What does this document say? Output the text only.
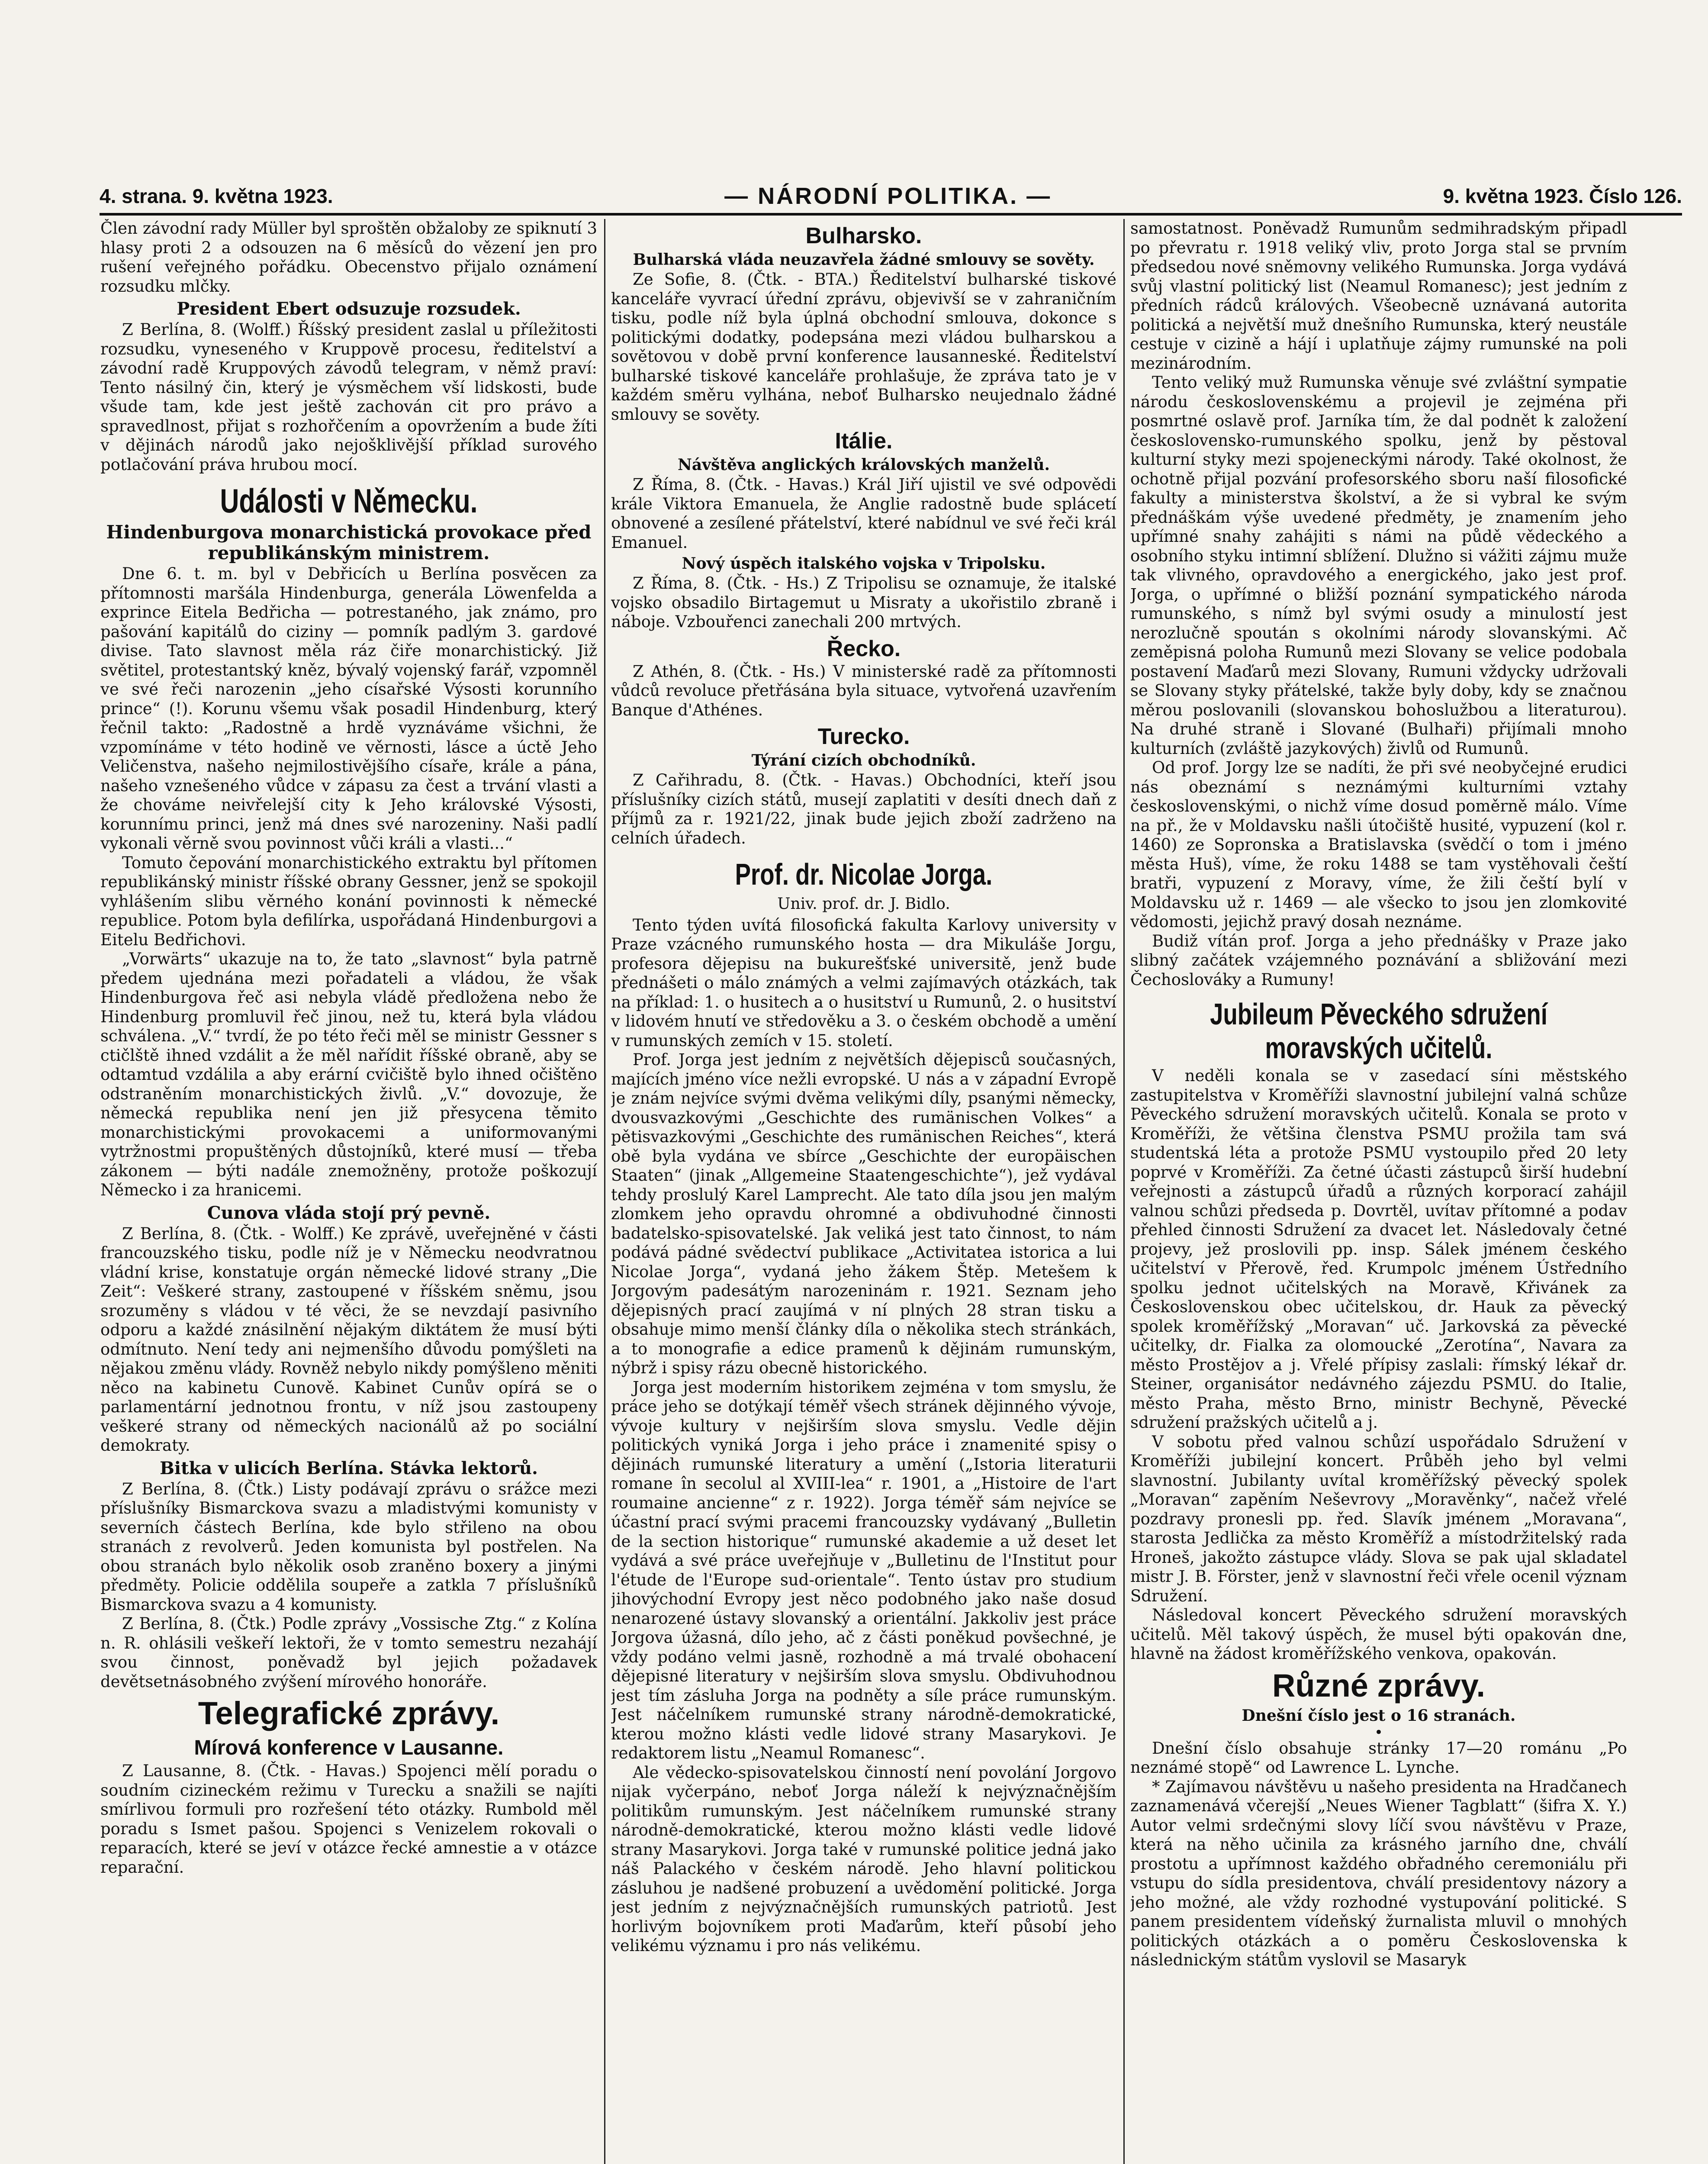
4. strana. 9. května 1923.	— NÁRODNÍ POLITIKA. —	9. května 1923. Číslo 126.

Člen závodní rady Müller byl sproštěn obžaloby ze spiknutí 3 hlasy proti 2 a odsouzen na 6 měsíců do vězení jen pro rušení veřejného pořádku. Obecenstvo přijalo oznámení rozsudku mlčky.

President Ebert odsuzuje rozsudek.

Z Berlína, 8. (Wolff.) Říšský president zaslal u příležitosti rozsudku, vyneseného v Kruppově procesu, ředitelství a závodní radě Kruppových závodů telegram, v němž praví: Tento násilný čin, který je výsměchem vší lidskosti, bude všude tam, kde jest ještě zachován cit pro právo a spravedlnost, přijat s rozhořčením a opovržením a bude žíti v dějinách národů jako nejošklivější příklad surového potlačování práva hrubou mocí.

Události v Německu.
Hindenburgova monarchistická provokace před republikánským ministrem.

Dne 6. t. m. byl v Debřicích u Berlína posvěcen za přítomnosti maršála Hindenburga, generála Löwenfelda a exprince Eitela Bedřicha — potrestaného, jak známo, pro pašování kapitálů do ciziny — pomník padlým 3. gardové divise. Tato slavnost měla ráz čiře monarchistický. Již světitel, protestantský kněz, bývalý vojenský farář, vzpomněl ve své řeči narozenin „jeho císařské Výsosti korunního prince“ (!). Korunu všemu však posadil Hindenburg, který řečnil takto: „Radostně a hrdě vyznáváme všichni, že vzpomínáme v této hodině ve věrnosti, lásce a úctě Jeho Veličenstva, našeho nejmilostivějšího císaře, krále a pána, našeho vznešeného vůdce v zápasu za čest a trvání vlasti a že chováme neivřelejší city k Jeho královské Výsosti, korunnímu princi, jenž má dnes své narozeniny. Naši padlí vykonali věrně svou povinnost vůči králi a vlasti...“

Tomuto čepování monarchistického extraktu byl přítomen republikánský ministr říšské obrany Gessner, jenž se spokojil vyhlášením slibu věrného konání povinnosti k německé republice. Potom byla defilírka, uspořádaná Hindenburgovi a Eitelu Bedřichovi.

„Vorwärts“ ukazuje na to, že tato „slavnost“ byla patrně předem ujednána mezi pořadateli a vládou, že však Hindenburgova řeč asi nebyla vládě předložena nebo že Hindenburg promluvil řeč jinou, než tu, která byla vládou schválena. „V.“ tvrdí, že po této řeči měl se ministr Gessner s ctičlště ihned vzdálit a že měl nařídit říšské obraně, aby se odtamtud vzdálila a aby erární cvičiště bylo ihned očištěno odstraněním monarchistických živlů. „V.“ dovozuje, že německá republika není jen již přesycena těmito monarchistickými provokacemi a uniformovanými vytržnostmi propuštěných důstojníků, které musí — třeba zákonem — býti nadále znemožněny, protože poškozují Německo i za hranicemi.

Cunova vláda stojí prý pevně.

Z Berlína, 8. (Čtk. - Wolff.) Ke zprávě, uveřejněné v části francouzského tisku, podle níž je v Německu neodvratnou vládní krise, konstatuje orgán německé lidové strany „Die Zeit“: Veškeré strany, zastoupené v říšském sněmu, jsou srozuměny s vládou v té věci, že se nevzdají pasivního odporu a každé znásilnění nějakým diktátem že musí býti odmítnuto. Není tedy ani nejmenšího důvodu pomýšleti na nějakou změnu vlády. Rovněž nebylo nikdy pomýšleno měniti něco na kabinetu Cunově. Kabinet Cunův opírá se o parlamentární jednotnou frontu, v níž jsou zastoupeny veškeré strany od německých nacionálů až po sociální demokraty.

Bitka v ulicích Berlína. Stávka lektorů.

Z Berlína, 8. (Čtk.) Listy podávají zprávu o srážce mezi příslušníky Bismarckova svazu a mladistvými komunisty v severních částech Berlína, kde bylo střileno na obou stranách z revolverů. Jeden komunista byl postřelen. Na obou stranách bylo několik osob zraněno boxery a jinými předměty. Policie oddělila soupeře a zatkla 7 příslušníků Bismarckova svazu a 4 komunisty.

Z Berlína, 8. (Čtk.) Podle zprávy „Vossische Ztg.“ z Kolína n. R. ohlásili veškeří lektoři, že v tomto semestru nezahájí svou činnost, poněvadž byl jejich požadavek devětsetnásobného zvýšení mírového honoráře.

Telegrafické zprávy.
Mírová konference v Lausanne.

Z Lausanne, 8. (Čtk. - Havas.) Spojenci mělí poradu o soudním cizineckém režimu v Turecku a snažili se najíti smírlivou formuli pro rozřešení této otázky. Rumbold měl poradu s Ismet pašou. Spojenci s Venizelem rokovali o reparacích, které se jeví v otázce řecké amnestie a v otázce reparační.

Bulharsko.
Bulharská vláda neuzavřela žádné smlouvy se sověty.

Ze Sofie, 8. (Čtk. - BTA.) Ředitelství bulharské tiskové kanceláře vyvrací úřední zprávu, objevivší se v zahraničním tisku, podle níž byla úplná obchodní smlouva, dokonce s politickými dodatky, podepsána mezi vládou bulharskou a sovětovou v době první konference lausanneské. Ředitelství bulharské tiskové kanceláře prohlašuje, že zpráva tato je v každém směru vylhána, neboť Bulharsko neujednalo žádné smlouvy se sověty.

Itálie.
Návštěva anglických královských manželů.

Z Říma, 8. (Čtk. - Havas.) Král Jiří ujistil ve své odpovědi krále Viktora Emanuela, že Anglie radostně bude splácetí obnovené a zesílené přátelství, které nabídnul ve své řeči král Emanuel.

Nový úspěch italského vojska v Tripolsku.

Z Říma, 8. (Čtk. - Hs.) Z Tripolisu se oznamuje, že italské vojsko obsadilo Birtagemut u Misraty a ukořistilo zbraně i náboje. Vzbouřenci zanechali 200 mrtvých.

Řecko.

Z Athén, 8. (Čtk. - Hs.) V ministerské radě za přítomnosti vůdců revoluce přetřásána byla situace, vytvořená uzavřením Banque d'Athénes.

Turecko.
Týrání cizích obchodníků.

Z Cařihradu, 8. (Čtk. - Havas.) Obchodníci, kteří jsou příslušníky cizích států, musejí zaplatiti v desíti dnech daň z příjmů za r. 1921/22, jinak bude jejich zboží zadrženo na celních úřadech.

Prof. dr. Nicolae Jorga.
Univ. prof. dr. J. Bidlo.

Tento týden uvítá filosofická fakulta Karlovy university v Praze vzácného rumunského hosta — dra Mikuláše Jorgu, profesora dějepisu na bukurešťské universitě, jenž bude přednášeti o málo známých a velmi zajímavých otázkách, tak na příklad: 1. o husitech a o husitství u Rumunů, 2. o husitství v lidovém hnutí ve středověku a 3. o českém obchodě a umění v rumunských zemích v 15. století.

Prof. Jorga jest jedním z největších dějepisců současných, majících jméno více nežli evropské. U nás a v západní Evropě je znám nejvíce svými dvěma velikými díly, psanými německy, dvousvazkovými „Geschichte des rumänischen Volkes“ a pětisvazkovými „Geschichte des rumänischen Reiches“, která obě byla vydána ve sbírce „Geschichte der europäischen Staaten“ (jinak „Allgemeine Staatengeschichte“), jež vydával tehdy proslulý Karel Lamprecht. Ale tato díla jsou jen malým zlomkem jeho opravdu ohromné a obdivuhodné činnosti badatelsko-spisovatelské. Jak veliká jest tato činnost, to nám podává pádné svědectví publikace „Activitatea istorica a lui Nicolae Jorga“, vydaná jeho žákem Štěp. Metešem k Jorgovým padesátým narozeninám r. 1921. Seznam jeho dějepisných prací zaujímá v ní plných 28 stran tisku a obsahuje mimo menší články díla o několika stech stránkách, a to monografie a edice pramenů k dějinám rumunským, nýbrž i spisy rázu obecně historického.

Jorga jest moderním historikem zejména v tom smyslu, že práce jeho se dotýkají téměř všech stránek dějinného vývoje, vývoje kultury v nejširším slova smyslu. Vedle dějin politických vyniká Jorga i jeho práce i znamenité spisy o dějinách rumunské literatury a umění („Istoria literaturii romane în secolul al XVIII-lea“ r. 1901, a „Histoire de l'art roumaine ancienne“ z r. 1922). Jorga téměř sám nejvíce se účastní prací svými pracemi francouzsky vydávaný „Bulletin de la section historique“ rumunské akademie a už deset let vydává a své práce uveřejňuje v „Bulletinu de l'Institut pour l'étude de l'Europe sud-orientale“. Tento ústav pro studium jihovýchodní Evropy jest něco podobného jako naše dosud nenarozené ústavy slovanský a orientální. Jakkoliv jest práce Jorgova úžasná, dílo jeho, ač z části poněkud povšechné, je vždy podáno velmi jasně, rozhodně a má trvalé obohacení dějepisné literatury v nejširším slova smyslu. Obdivuhodnou jest tím zásluha Jorga na podněty a síle práce rumunským. Jest náčelníkem rumunské strany národně-demokratické, kterou možno klásti vedle lidové strany Masarykovi. Je redaktorem listu „Neamul Romanesc“.

Ale vědecko-spisovatelskou činností není povolání Jorgovo nijak vyčerpáno, neboť Jorga náleží k nejvýznačnějším politikům rumunským. Jest náčelníkem rumunské strany národně-demokratické, kterou možno klásti vedle lidové strany Masarykovi. Jorga také v rumunské politice jedná jako náš Palackého v českém národě. Jeho hlavní politickou zásluhou je nadšené probuzení a uvědomění politické. Jorga jest jedním z nejvýznačnějších rumunských patriotů. Jest horlivým bojovníkem proti Maďarům, kteří působí jeho velikému významu i pro nás velikému.

samostatnost. Poněvadž Rumunům sedmihradským připadl po převratu r. 1918 veliký vliv, proto Jorga stal se prvním předsedou nové sněmovny velikého Rumunska. Jorga vydává svůj vlastní politický list (Neamul Romanesc); jest jedním z předních rádců králových. Všeobecně uznávaná autorita politická a největší muž dnešního Rumunska, který neustále cestuje v cizině a hájí i uplatňuje zájmy rumunské na poli mezinárodním.

Tento veliký muž Rumunska věnuje své zvláštní sympatie národu československému a projevil je zejména při posmrtné oslavě prof. Jarníka tím, že dal podnět k založení československo-rumunského spolku, jenž by pěstoval kulturní styky mezi spojeneckými národy. Také okolnost, že ochotně přijal pozvání profesorského sboru naší filosofické fakulty a ministerstva školství, a že si vybral ke svým přednáškám výše uvedené předměty, je znamením jeho upřímné snahy zahájiti s námi na půdě vědeckého a osobního styku intimní sblížení. Dlužno si vážiti zájmu muže tak vlivného, opravdového a energického, jako jest prof. Jorga, o upřímné o bližší poznání sympatického národa rumunského, s nímž byl svými osudy a minulostí jest nerozlučně spoután s okolními národy slovanskými. Ač zeměpisná poloha Rumunů mezi Slovany se velice podobala postavení Maďarů mezi Slovany, Rumuni vždycky udržovali se Slovany styky přátelské, takže byly doby, kdy se značnou měrou poslovanili (slovanskou bohoslužbou a literaturou). Na druhé straně i Slované (Bulhaři) přijímali mnoho kulturních (zvláště jazykových) živlů od Rumunů.

Od prof. Jorgy lze se nadíti, že při své neobyčejné erudici nás obeznámí s neznámými kulturními vztahy československými, o nichž víme dosud poměrně málo. Víme na př., že v Moldavsku našli útočiště husité, vypuzení (kol r. 1460) ze Sopronska a Bratislavska (svědčí o tom i jméno města Huš), víme, že roku 1488 se tam vystěhovali čeští bratři, vypuzení z Moravy, víme, že žili čeští bylí v Moldavsku už r. 1469 — ale všecko to jsou jen zlomkovité vědomosti, jejichž pravý dosah neznáme.

Budiž vítán prof. Jorga a jeho přednášky v Praze jako slibný začátek vzájemného poznávání a sbližování mezi Čechoslováky a Rumuny!

Jubileum Pěveckého sdružení moravských učitelů.

V neděli konala se v zasedací síni městského zastupitelstva v Kroměříži slavnostní jubilejní valná schůze Pěveckého sdružení moravských učitelů. Konala se proto v Kroměříži, že většina členstva PSMU prožila tam svá studentská léta a protože PSMU vystoupilo před 20 lety poprvé v Kroměříži. Za četné účasti zástupců širší hudební veřejnosti a zástupců úřadů a různých korporací zahájil valnou schůzi předseda p. Dovrtěl, uvítav přítomné a podav přehled činnosti Sdružení za dvacet let. Následovaly četné projevy, jež proslovili pp. insp. Sálek jménem českého učitelství v Přerově, řed. Krumpolc jménem Ústředního spolku jednot učitelských na Moravě, Křivánek za Československou obec učitelskou, dr. Hauk za pěvecký spolek kroměřížský „Moravan“ uč. Jarkovská za pěvecké učitelky, dr. Fialka za olomoucké „Zerotína“, Navara za město Prostějov a j. Vřelé přípisy zaslali: římský lékař dr. Steiner, organisátor nedávného zájezdu PSMU. do Italie, město Praha, město Brno, ministr Bechyně, Pěvecké sdružení pražských učitelů a j.

V sobotu před valnou schůzí uspořádalo Sdružení v Kroměříži jubilejní koncert. Průběh jeho byl velmi slavnostní. Jubilanty uvítal kroměřížský pěvecký spolek „Moravan“ zapěním Neševrovy „Moravěnky“, načež vřelé pozdravy pronesli pp. řed. Slavík jménem „Moravana“, starosta Jedlička za město Kroměříž a místodržitelský rada Hroneš, jakožto zástupce vlády. Slova se pak ujal skladatel mistr J. B. Förster, jenž v slavnostní řeči vřele ocenil význam Sdružení.

Následoval koncert Pěveckého sdružení moravských učitelů. Měl takový úspěch, že musel býti opakován dne, hlavně na žádost kroměřížského venkova, opakován.

Různé zprávy.
Dnešní číslo jest o 16 stranách.
•

Dnešní číslo obsahuje stránky 17—20 románu „Po neznámé stopě“ od Lawrence L. Lynche.

* Zajímavou návštěvu u našeho presidenta na Hradčanech zaznamenává včerejší „Neues Wiener Tagblatt“ (šifra X. Y.) Autor velmi srdečnými slovy líčí svou návštěvu v Praze, která na něho učinila za krásného jarního dne, chválí prostotu a upřímnost každého obřadného ceremoniálu při vstupu do sídla presidentova, chválí presidentovy názory a jeho možné, ale vždy rozhodné vystupování politické. S panem presidentem vídeňský žurnalista mluvil o mnohých politických otázkách a o poměru Československa k následnickým státům vyslovil se Masaryk
